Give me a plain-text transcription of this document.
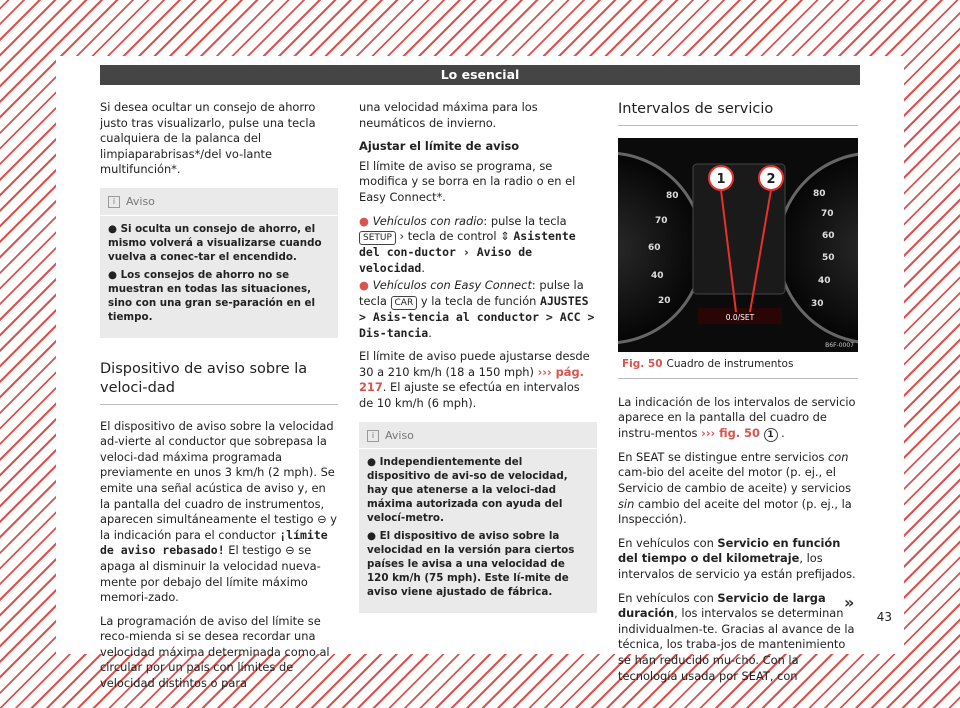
Lo esencial

Si desea ocultar un consejo de ahorro justo tras visualizarlo, pulse una tecla cualquiera de la palanca del limpiaparabrisas*/del vo-lante multifunción*.

i Aviso
● Si oculta un consejo de ahorro, el mismo volverá a visualizarse cuando vuelva a conec-tar el encendido.
● Los consejos de ahorro no se muestran en todas las situaciones, sino con una gran se-paración en el tiempo.
Dispositivo de aviso sobre la veloci-dad

El dispositivo de aviso sobre la velocidad ad-vierte al conductor que sobrepasa la veloci-dad máxima programada previamente en unos 3 km/h (2 mph). Se emite una señal acústica de aviso y, en la pantalla del cuadro de instrumentos, aparecen simultáneamente el testigo ⊖ y la indicación para el conductor ¡límite de aviso rebasado! El testigo ⊖ se apaga al disminuir la velocidad nueva-mente por debajo del límite máximo memori-zado.

La programación de aviso del límite se reco-mienda si se desea recordar una velocidad máxima determinada como al circular por un país con límites de velocidad distintos o para

una velocidad máxima para los neumáticos de invierno.

Ajustar el límite de aviso

El límite de aviso se programa, se modifica y se borra en la radio o en el Easy Connect*.

● Vehículos con radio: pulse la tecla SETUP › tecla de control ⇕ Asistente del con-ductor › Aviso de velocidad.

● Vehículos con Easy Connect: pulse la tecla CAR y la tecla de función AJUSTES > Asis-tencia al conductor > ACC > Dis-tancia.

El límite de aviso puede ajustarse desde 30 a 210 km/h (18 a 150 mph) ››› pág. 217. El ajuste se efectúa en intervalos de 10 km/h (6 mph).

i Aviso
● Independientemente del dispositivo de avi-so de velocidad, hay que atenerse a la veloci-dad máxima autorizada con ayuda del velocí-metro.
● El dispositivo de aviso sobre la velocidad en la versión para ciertos países le avisa a una velocidad de 120 km/h (75 mph). Este lí-mite de aviso viene ajustado de fábrica.
Intervalos de servicio
0.0/SET
80
70
60
40
20
80
70
60
50
40
30
1	2
B6F-0007
Fig. 50 Cuadro de instrumentos

La indicación de los intervalos de servicio aparece en la pantalla del cuadro de instru-mentos ››› fig. 50 1 .

En SEAT se distingue entre servicios con cam-bio del aceite del motor (p. ej., el Servicio de cambio de aceite) y servicios sin cambio del aceite del motor (p. ej., la Inspección).

En vehículos con Servicio en función del tiempo o del kilometraje, los intervalos de servicio ya están prefijados.

En vehículos con Servicio de larga duración, los intervalos se determinan individualmen-te. Gracias al avance de la técnica, los traba-jos de mantenimiento se han reducido mu-cho. Con la tecnología usada por SEAT, con

»
43
